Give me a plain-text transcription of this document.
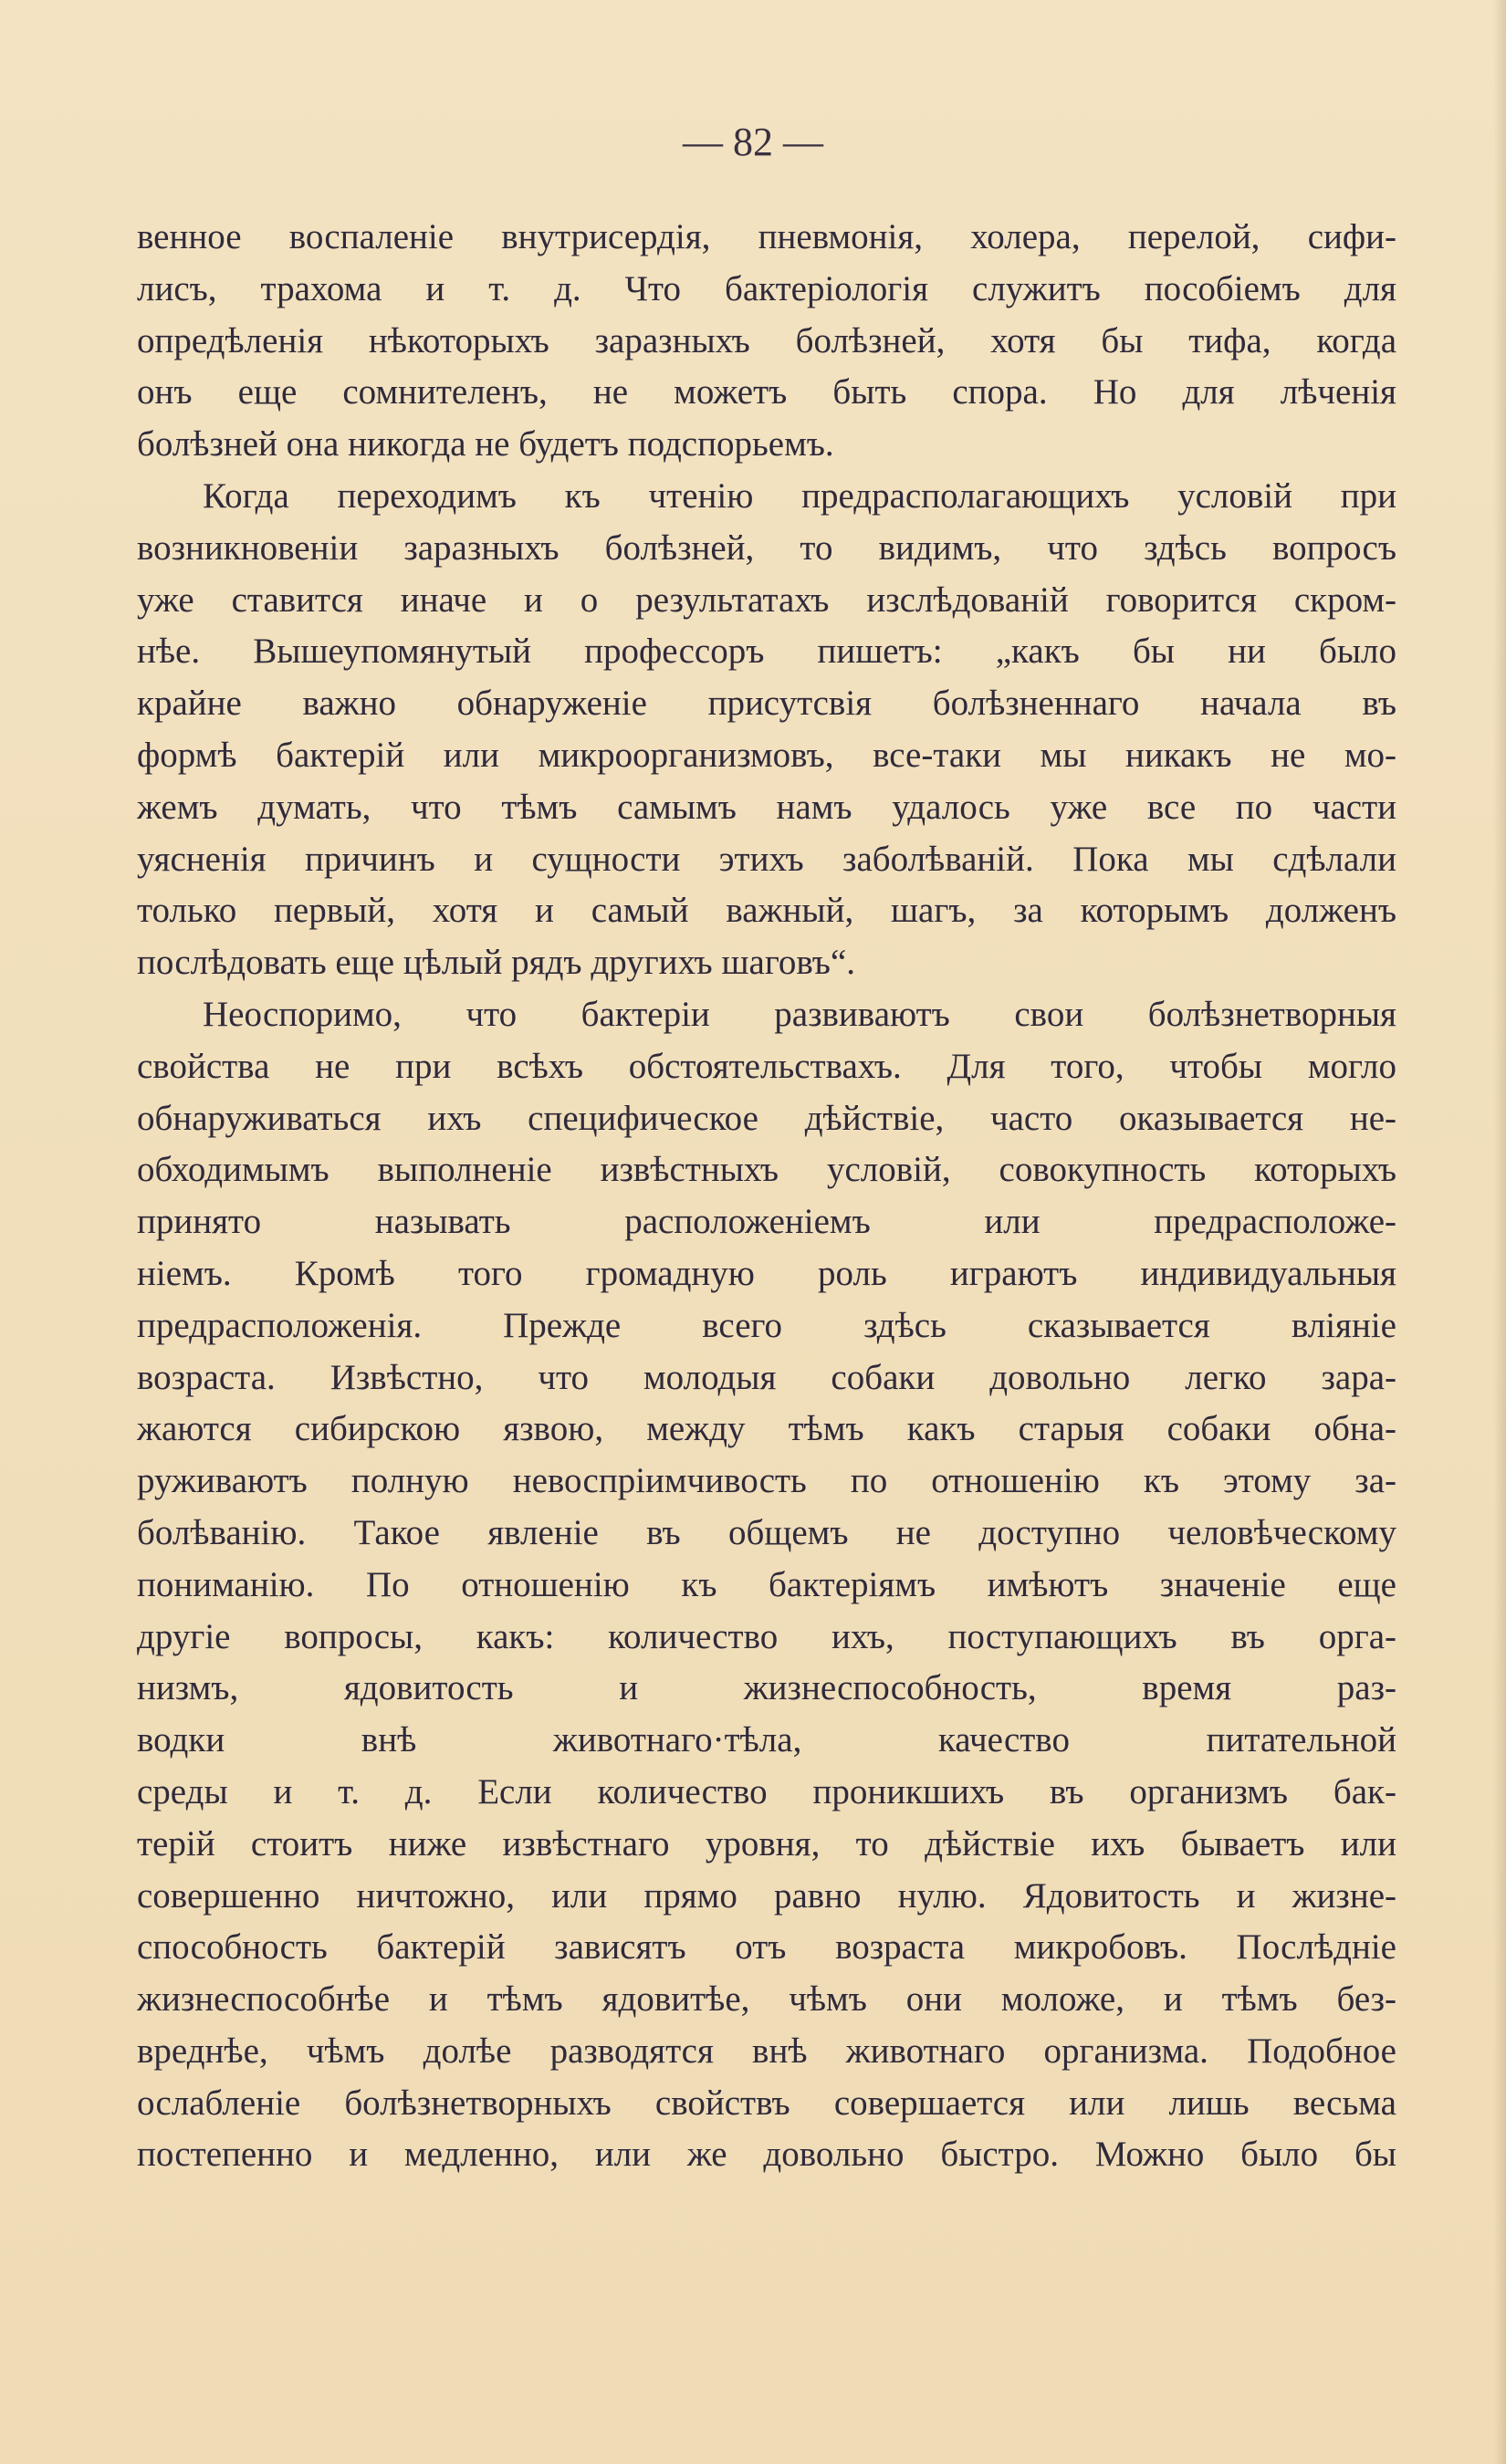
— 82 —
венное воспаленіе внутрисердія, пневмонія, холера, перелой, сифи-
лисъ, трахома и т. д. Что бактеріологія служитъ пособіемъ для
опредѣленія нѣкоторыхъ заразныхъ болѣзней, хотя бы тифа, когда
онъ еще сомнителенъ, не можетъ быть спора. Но для лѣченія
болѣзней она никогда не будетъ подспорьемъ.
Когда переходимъ къ чтенію предрасполагающихъ условій при
возникновеніи заразныхъ болѣзней, то видимъ, что здѣсь вопросъ
уже ставится иначе и о результатахъ изслѣдованій говорится скром-
нѣе. Вышеупомянутый профессоръ пишетъ: „какъ бы ни было
крайне важно обнаруженіе присутсвія болѣзненнаго начала въ
формѣ бактерій или микроорганизмовъ, все-таки мы никакъ не мо-
жемъ думать, что тѣмъ самымъ намъ удалось уже все по части
уясненія причинъ и сущности этихъ заболѣваній. Пока мы сдѣлали
только первый, хотя и самый важный, шагъ, за которымъ долженъ
послѣдовать еще цѣлый рядъ другихъ шаговъ“.
Неоспоримо, что бактеріи развиваютъ свои болѣзнетворныя
свойства не при всѣхъ обстоятельствахъ. Для того, чтобы могло
обнаруживаться ихъ специфическое дѣйствіе, часто оказывается не-
обходимымъ выполненіе извѣстныхъ условій, совокупность которыхъ
принято называть расположеніемъ или предрасположе-
ніемъ. Кромѣ того громадную роль играютъ индивидуальныя
предрасположенія. Прежде всего здѣсь сказывается вліяніе
возраста. Извѣстно, что молодыя собаки довольно легко зара-
жаются сибирскою язвою, между тѣмъ какъ старыя собаки обна-
руживаютъ полную невоспріимчивость по отношенію къ этому за-
болѣванію. Такое явленіе въ общемъ не доступно человѣческому
пониманію. По отношенію къ бактеріямъ имѣютъ значеніе еще
другіе вопросы, какъ: количество ихъ, поступающихъ въ орга-
низмъ, ядовитость и жизнеспособность, время раз-
водки внѣ животнаго·тѣла, качество питательной
среды и т. д. Если количество проникшихъ въ организмъ бак-
терій стоитъ ниже извѣстнаго уровня, то дѣйствіе ихъ бываетъ или
совершенно ничтожно, или прямо равно нулю. Ядовитость и жизне-
способность бактерій зависятъ отъ возраста микробовъ. Послѣдніе
жизнеспособнѣе и тѣмъ ядовитѣе, чѣмъ они моложе, и тѣмъ без-
вреднѣе, чѣмъ долѣе разводятся внѣ животнаго организма. Подобное
ослабленіе болѣзнетворныхъ свойствъ совершается или лишь весьма
постепенно и медленно, или же довольно быстро. Можно было бы
